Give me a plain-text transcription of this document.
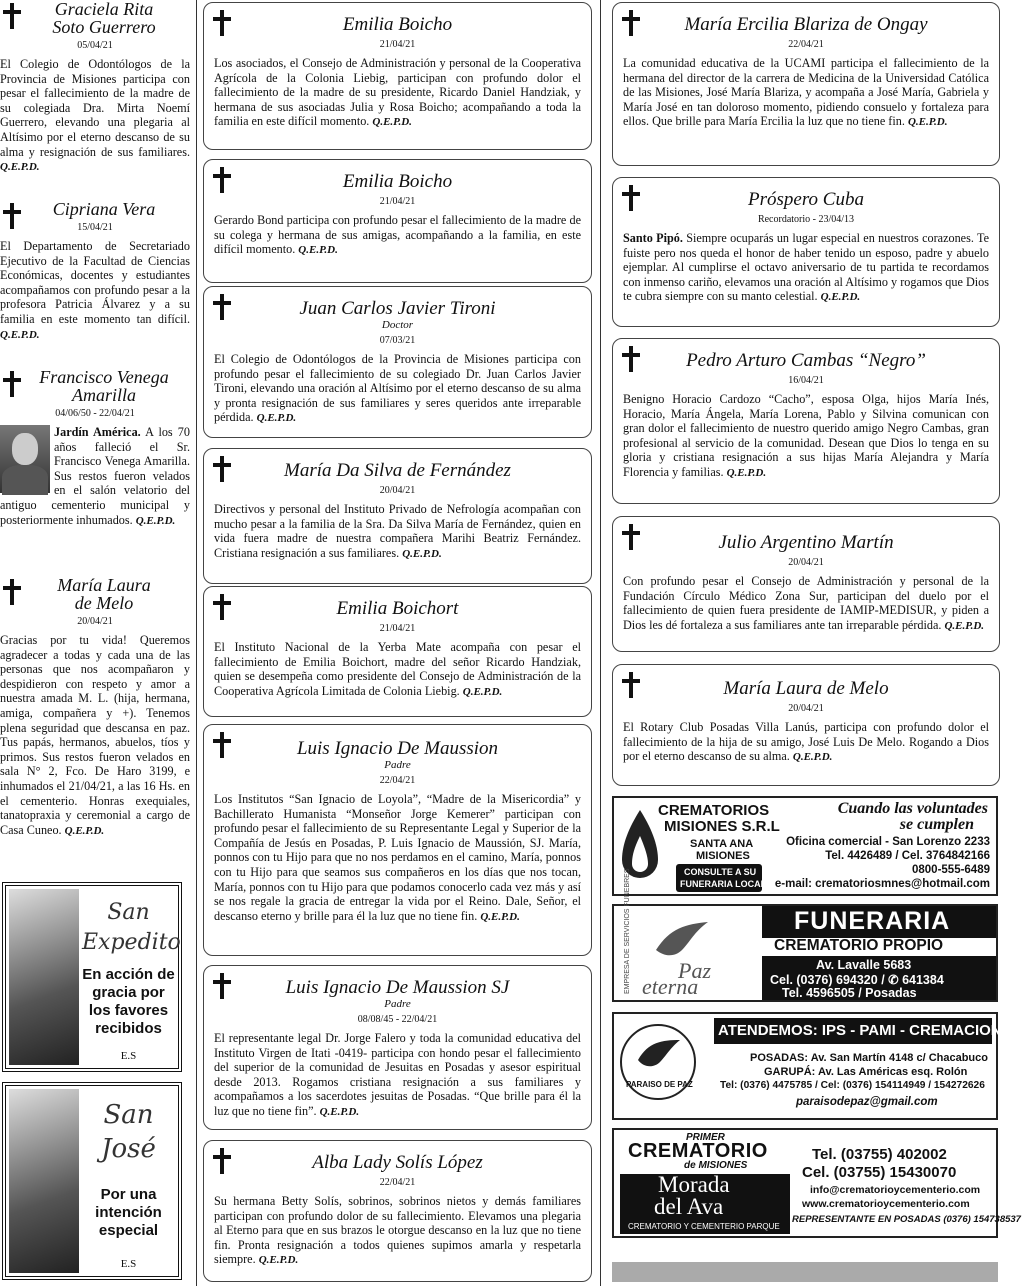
Graciela Rita
Soto Guerrero
05/04/21
El Colegio de Odontólogos de la Provincia de Misiones participa con pesar el fallecimiento de la madre de su colegiada Dra. Mirta Noemí Guerrero, elevando una plegaria al Altísimo por el eterno descanso de su alma y resignación de sus familiares. Q.E.P.D.
Cipriana Vera
15/04/21
El Departamento de Secretariado Ejecutivo de la Facultad de Ciencias Económicas, docentes y estudiantes acompañamos con profundo pesar a la profesora Patricia Álvarez y a su familia en este momento tan difícil. Q.E.P.D.
Francisco Venega
Amarilla
04/06/50 - 22/04/21
Jardín América. A los 70 años falleció el Sr. Francisco Venega Amarilla. Sus restos fueron velados en el salón velatorio del antiguo cementerio municipal y posteriormente inhumados. Q.E.P.D.
María Laura
de Melo
20/04/21
Gracias por tu vida! Queremos agradecer a todas y cada una de las personas que nos acompañaron y despidieron con respeto y amor a nuestra amada M. L. (hija, hermana, amiga, compañera y +). Tenemos plena seguridad que descansa en paz. Tus papás, hermanos, abuelos, tíos y primos. Sus restos fueron velados en sala N° 2, Fco. De Haro 3199, e inhumados el 21/04/21, a las 16 Hs. en el cementerio. Honras exequiales, tanatopraxia y ceremonial a cargo de Casa Cuneo. Q.E.P.D.
San
Expedito
En acción de gracia por los favores recibidos
E.S
San
José
Por una intención especial
E.S
Emilia Boicho
21/04/21
Los asociados, el Consejo de Administración y personal de la Cooperativa Agrícola de la Colonia Liebig, participan con profundo dolor el fallecimiento de la madre de su presidente, Ricardo Daniel Handziak, y hermana de sus asociadas Julia y Rosa Boicho; acompañando a toda la familia en este difícil momento. Q.E.P.D.
Emilia Boicho
21/04/21
Gerardo Bond participa con profundo pesar el fallecimiento de la madre de su colega y hermana de sus amigas, acompañando a la familia, en este difícil momento. Q.E.P.D.
Juan Carlos Javier Tironi
Doctor
07/03/21
El Colegio de Odontólogos de la Provincia de Misiones participa con profundo pesar el fallecimiento de su colegiado Dr. Juan Carlos Javier Tironi, elevando una oración al Altísimo por el eterno descanso de su alma y pronta resignación de sus familiares y seres queridos ante irreparable pérdida. Q.E.P.D.
María Da Silva de Fernández
20/04/21
Directivos y personal del Instituto Privado de Nefrología acompañan con mucho pesar a la familia de la Sra. Da Silva María de Fernández, quien en vida fuera madre de nuestra compañera Marihi Beatriz Fernández. Cristiana resignación a sus familiares. Q.E.P.D.
Emilia Boichort
21/04/21
El Instituto Nacional de la Yerba Mate acompaña con pesar el fallecimiento de Emilia Boichort, madre del señor Ricardo Handziak, quien se desempeña como presidente del Consejo de Administración de la Cooperativa Agrícola Limitada de Colonia Liebig. Q.E.P.D.
Luis Ignacio De Maussion
Padre
22/04/21
Los Institutos “San Ignacio de Loyola”, “Madre de la Misericordia” y Bachillerato Humanista “Monseñor Jorge Kemerer” participan con profundo pesar el fallecimiento de su Representante Legal y Superior de la Compañía de Jesús en Posadas, P. Luis Ignacio de Maussión, SJ. María, ponnos con tu Hijo para que no nos perdamos en el camino, María, ponnos con tu Hijo para que seamos sus compañeros en los días que nos tocan, María, ponnos con tu Hijo para que podamos conocerlo cada vez más y así se nos regale la gracia de entregar la vida por el Reino. Dale, Señor, el descanso eterno y brille para él la luz que no tiene fin. Q.E.P.D.
Luis Ignacio De Maussion SJ
Padre
08/08/45 - 22/04/21
El representante legal Dr. Jorge Falero y toda la comunidad educativa del Instituto Virgen de Itati -0419- participa con hondo pesar el fallecimiento del superior de la comunidad de Jesuitas en Posadas y asesor espiritual desde 2013. Rogamos cristiana resignación a sus familiares y acompañamos a los sacerdotes jesuitas de Posadas. “Que brille para él la luz que no tiene fin”. Q.E.P.D.
Alba Lady Solís López
22/04/21
Su hermana Betty Solís, sobrinos, sobrinos nietos y demás familiares participan con profundo dolor de su fallecimiento. Elevamos una plegaria al Eterno para que en sus brazos le otorgue descanso en la luz que no tiene fin. Pronta resignación a todos quienes supimos amarla y respetarla siempre. Q.E.P.D.
María Ercilia Blariza de Ongay
22/04/21
La comunidad educativa de la UCAMI participa el fallecimiento de la hermana del director de la carrera de Medicina de la Universidad Católica de las Misiones, José María Blariza, y acompaña a José María, Gabriela y María José en tan doloroso momento, pidiendo consuelo y fortaleza para ellos. Que brille para María Ercilia la luz que no tiene fin. Q.E.P.D.
Próspero Cuba
Recordatorio - 23/04/13
Santo Pipó. Siempre ocuparás un lugar especial en nuestros corazones. Te fuiste pero nos queda el honor de haber tenido un esposo, padre y abuelo ejemplar. Al cumplirse el octavo aniversario de tu partida te recordamos con inmenso cariño, elevamos una oración al Altísimo y rogamos que Dios te cubra siempre con su manto celestial. Q.E.P.D.
Pedro Arturo Cambas “Negro”
16/04/21
Benigno Horacio Cardozo “Cacho”, esposa Olga, hijos María Inés, Horacio, María Ángela, María Lorena, Pablo y Silvina comunican con gran dolor el fallecimiento de nuestro querido amigo Negro Cambas, gran profesional al servicio de la comunidad. Desean que Dios lo tenga en su gloria y cristiana resignación a sus hijas María Alejandra y María Florencia y familias. Q.E.P.D.
Julio Argentino Martín
20/04/21
Con profundo pesar el Consejo de Administración y personal de la Fundación Círculo Médico Zona Sur, participan del duelo por el fallecimiento de quien fuera presidente de IAMIP-MEDISUR, y piden a Dios les dé fortaleza a sus familiares ante tan irreparable pérdida. Q.E.P.D.
María Laura de Melo
20/04/21
El Rotary Club Posadas Villa Lanús, participa con profundo dolor el fallecimiento de la hija de su amigo, José Luis De Melo. Rogando a Dios por el eterno descanso de su alma. Q.E.P.D.
CREMATORIOS
MISIONES S.R.L
SANTA ANA
MISIONES
CONSULTE A SU
FUNERARIA LOCAL
Cuando las voluntades
se cumplen
Oficina comercial - San Lorenzo 2233
Tel. 4426489 / Cel. 3764842166
0800-555-6489
e-mail: crematoriosmnes@hotmail.com
EMPRESA DE SERVICIOS FUNEBRES Paz
eterna
FUNERARIA
CREMATORIO PROPIO
Av. Lavalle 5683
Cel. (0376) 694320 / ✆ 641384
Tel. 4596505 / Posadas
PARAISO DE PAZ
ATENDEMOS: IPS - PAMI - CREMACIONES
POSADAS: Av. San Martín 4148 c/ Chacabuco
GARUPÁ: Av. Las Américas esq. Rolón
Tel: (0376) 4475785 / Cel: (0376) 154114949 / 154272626
paraisodepaz@gmail.com
PRIMER
CREMATORIO
de MISIONES
Morada
del Ava
CREMATORIO Y CEMENTERIO PARQUE
Tel. (03755) 402002
Cel. (03755) 15430070
info@crematorioycementerio.com
www.crematorioycementerio.com
REPRESENTANTE EN POSADAS (0376) 154738537
